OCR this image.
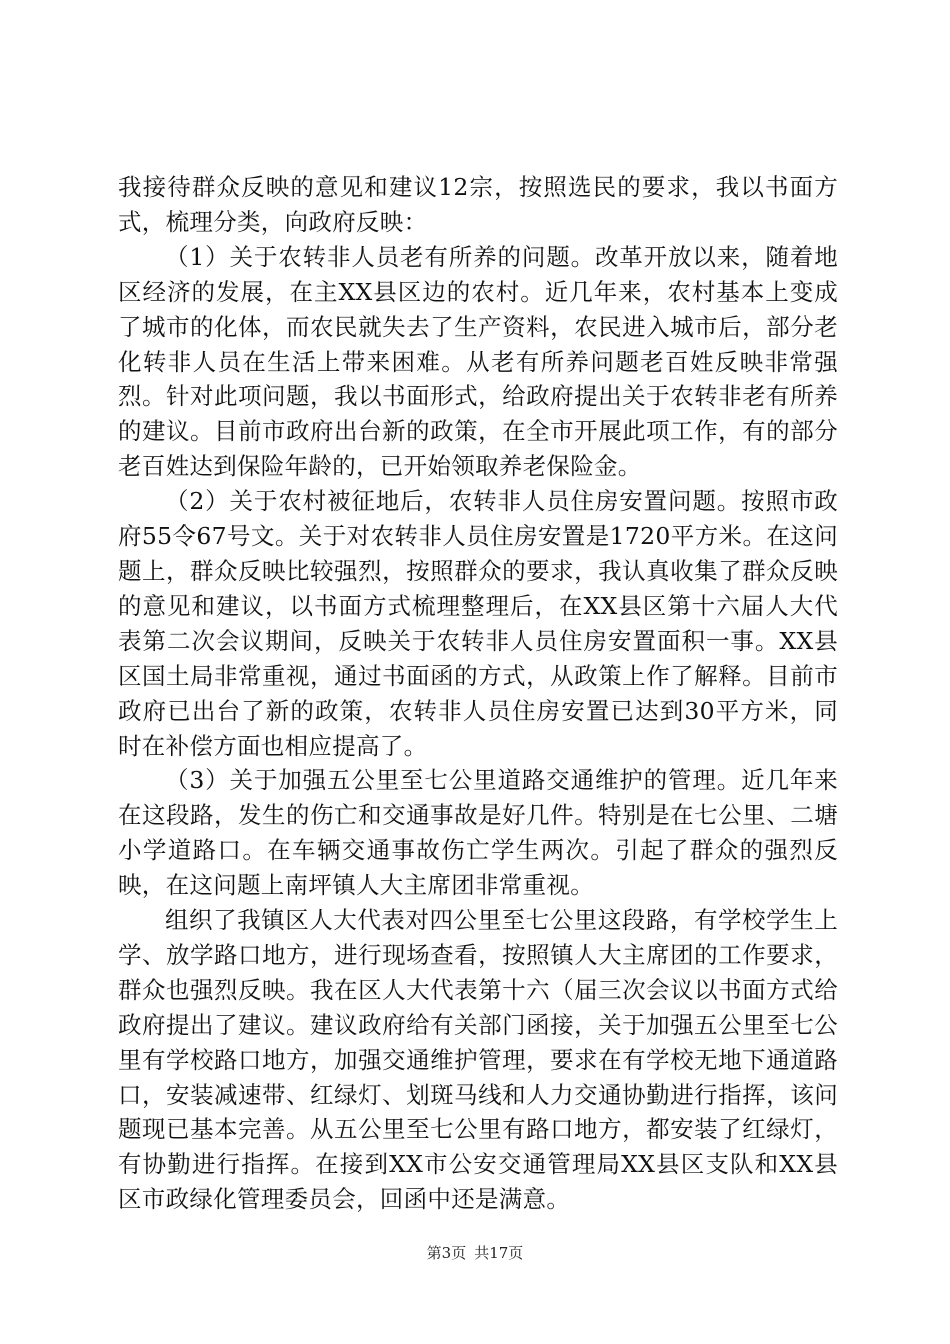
我接待群众反映的意见和建议12宗，按照选民的要求，我以书面方式，梳理分类，向政府反映：

（1）关于农转非人员老有所养的问题。改革开放以来，随着地区经济的发展，在主XX县区边的农村。近几年来，农村基本上变成了城市的化体，而农民就失去了生产资料，农民进入城市后，部分老化转非人员在生活上带来困难。从老有所养问题老百姓反映非常强烈。针对此项问题，我以书面形式，给政府提出关于农转非老有所养的建议。目前市政府出台新的政策，在全市开展此项工作，有的部分老百姓达到保险年龄的，已开始领取养老保险金。

（2）关于农村被征地后，农转非人员住房安置问题。按照市政府55令67号文。关于对农转非人员住房安置是1720平方米。在这问题上，群众反映比较强烈，按照群众的要求，我认真收集了群众反映的意见和建议，以书面方式梳理整理后，在XX县区第十六届人大代表第二次会议期间，反映关于农转非人员住房安置面积一事。XX县区国土局非常重视，通过书面函的方式，从政策上作了解释。目前市政府已出台了新的政策，农转非人员住房安置已达到30平方米，同时在补偿方面也相应提高了。

（3）关于加强五公里至七公里道路交通维护的管理。近几年来在这段路，发生的伤亡和交通事故是好几件。特别是在七公里、二塘小学道路口。在车辆交通事故伤亡学生两次。引起了群众的强烈反映，在这问题上南坪镇人大主席团非常重视。

组织了我镇区人大代表对四公里至七公里这段路，有学校学生上学、放学路口地方，进行现场查看，按照镇人大主席团的工作要求，群众也强烈反映。我在区人大代表第十六（届三次会议以书面方式给政府提出了建议。建议政府给有关部门函接，关于加强五公里至七公里有学校路口地方，加强交通维护管理，要求在有学校无地下通道路口，安装减速带、红绿灯、划斑马线和人力交通协勤进行指挥，该问题现已基本完善。从五公里至七公里有路口地方，都安装了红绿灯，有协勤进行指挥。在接到XX市公安交通管理局XX县区支队和XX县区市政绿化管理委员会，回函中还是满意。

第3页 共17页
